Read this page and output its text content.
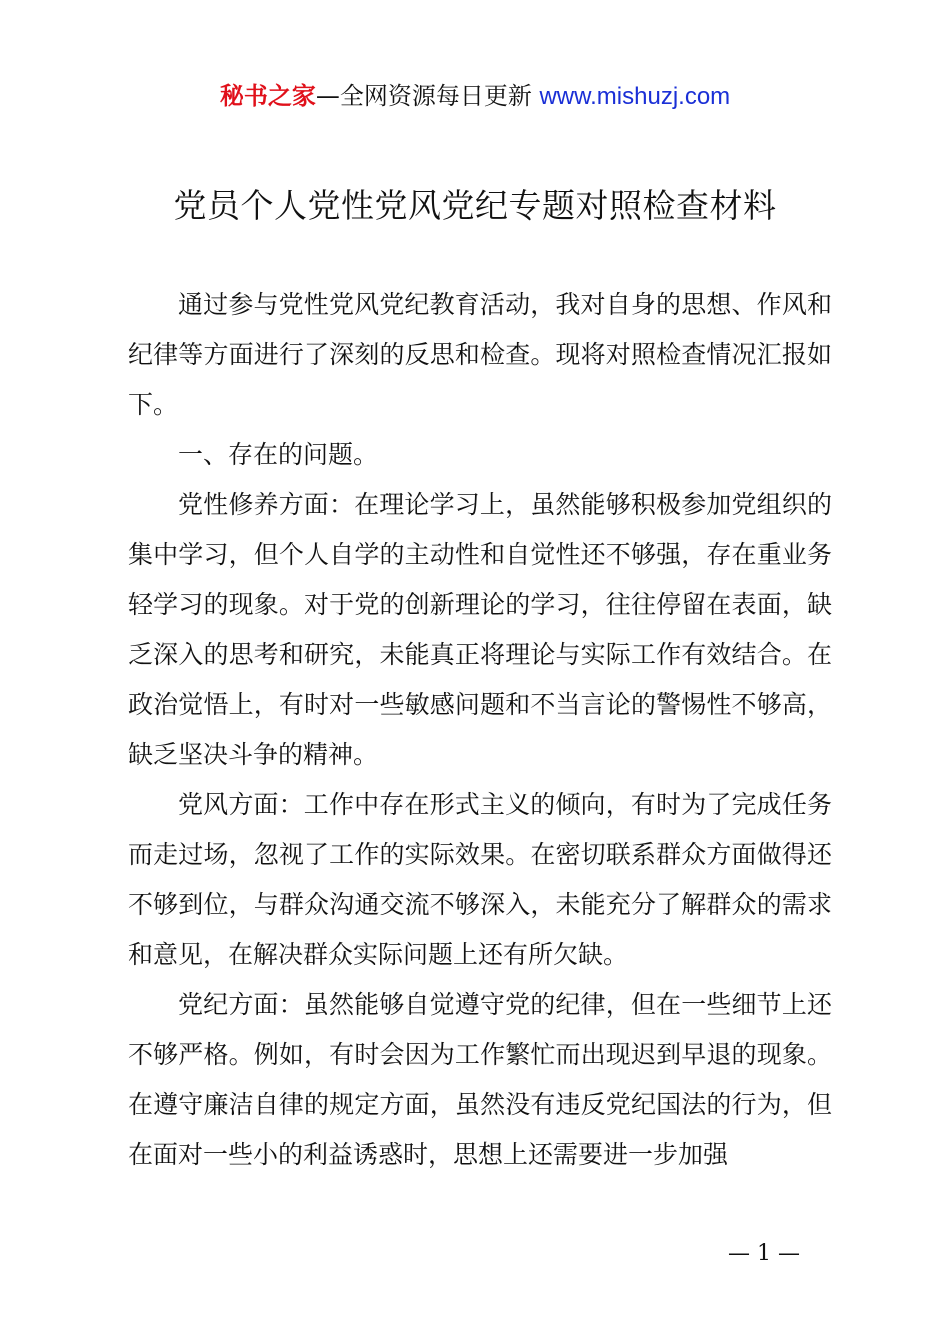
秘书之家—全网资源每日更新 www.mishuzj.com
党员个人党性党风党纪专题对照检查材料

通过参与党性党风党纪教育活动，我对自身的思想、作风和纪律等方面进行了深刻的反思和检查。现将对照检查情况汇报如下。

一、存在的问题。

党性修养方面：在理论学习上，虽然能够积极参加党组织的集中学习，但个人自学的主动性和自觉性还不够强，存在重业务轻学习的现象。对于党的创新理论的学习，往往停留在表面，缺乏深入的思考和研究，未能真正将理论与实际工作有效结合。在政治觉悟上，有时对一些敏感问题和不当言论的警惕性不够高，缺乏坚决斗争的精神。

党风方面：工作中存在形式主义的倾向，有时为了完成任务而走过场，忽视了工作的实际效果。在密切联系群众方面做得还不够到位，与群众沟通交流不够深入，未能充分了解群众的需求和意见，在解决群众实际问题上还有所欠缺。

党纪方面：虽然能够自觉遵守党的纪律，但在一些细节上还不够严格。例如，有时会因为工作繁忙而出现迟到早退的现象。在遵守廉洁自律的规定方面，虽然没有违反党纪国法的行为，但在面对一些小的利益诱惑时，思想上还需要进一步加强

— 1 —
